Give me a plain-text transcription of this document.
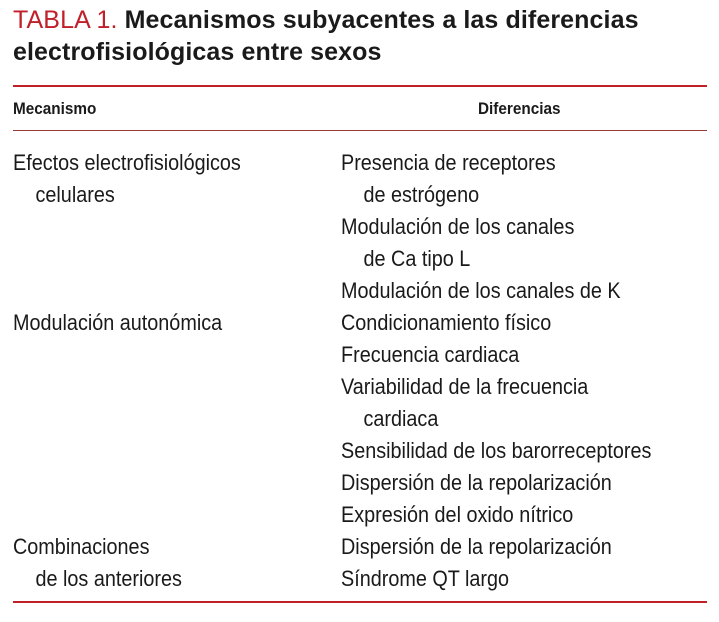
TABLA 1. Mecanismos subyacentes a las diferencias
electrofisiológicas entre sexos
Mecanismo	Diferencias
Efectos electrofisiológicos
celulares
Presencia de receptores
de estrógeno
Modulación de los canales
de Ca tipo L
Modulación de los canales de K
Modulación autonómica	Condicionamiento físico
Frecuencia cardiaca
Variabilidad de la frecuencia
cardiaca
Sensibilidad de los barorreceptores
Dispersión de la repolarización
Expresión del oxido nítrico
Combinaciones
de los anteriores
Dispersión de la repolarización
Síndrome QT largo
